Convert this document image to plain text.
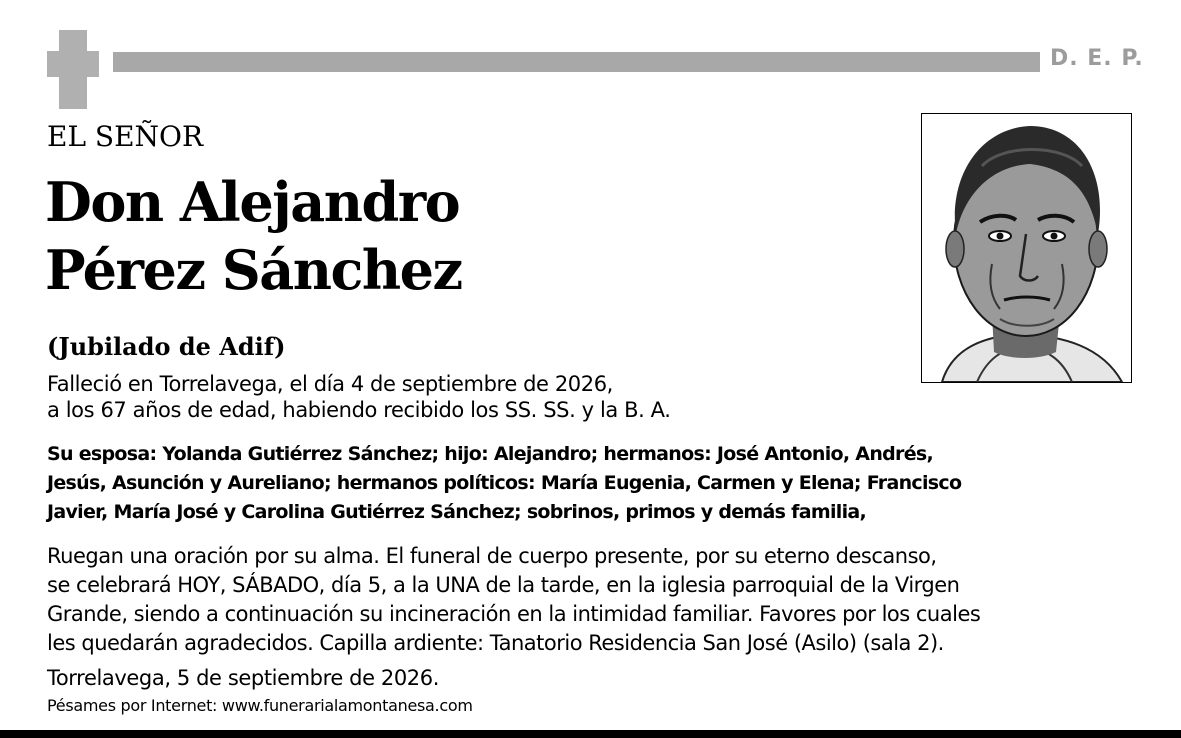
D. E. P.
EL SEÑOR
Don Alejandro
Pérez Sánchez
(Jubilado de Adif)
Falleció en Torrelavega, el día 4 de septiembre de 2026,
a los 67 años de edad, habiendo recibido los SS. SS. y la B. A.
Su esposa: Yolanda Gutiérrez Sánchez; hijo: Alejandro; hermanos: José Antonio, Andrés,
Jesús, Asunción y Aureliano; hermanos políticos: María Eugenia, Carmen y Elena; Francisco
Javier, María José y Carolina Gutiérrez Sánchez; sobrinos, primos y demás familia,
Ruegan una oración por su alma. El funeral de cuerpo presente, por su eterno descanso,
se celebrará HOY, SÁBADO, día 5, a la UNA de la tarde, en la iglesia parroquial de la Virgen
Grande, siendo a continuación su incineración en la intimidad familiar. Favores por los cuales
les quedarán agradecidos. Capilla ardiente: Tanatorio Residencia San José (Asilo) (sala 2).
Torrelavega, 5 de septiembre de 2026.
Pésames por Internet: www.funerarialamontanesa.com
